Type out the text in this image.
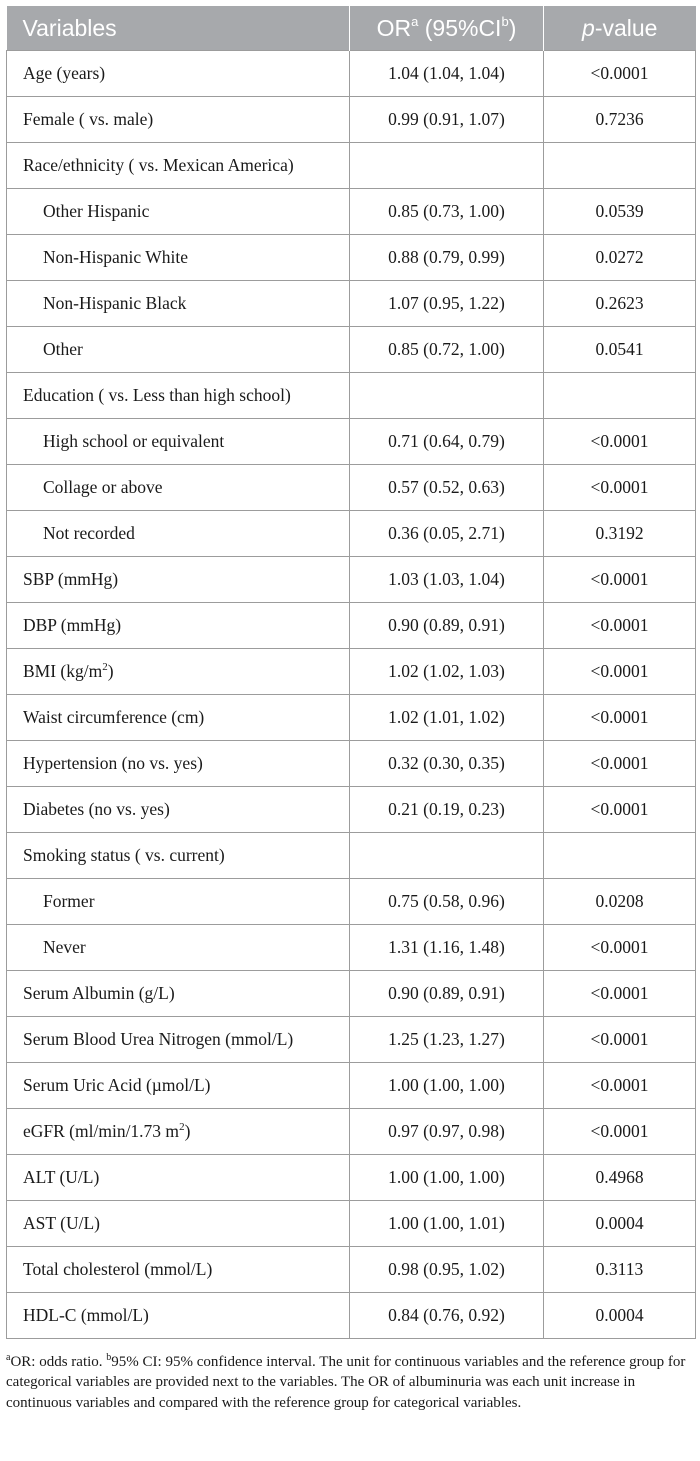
Variables	$OR^a$ $(95\%CI^b)$	p-value
Age (years)	1.04 (1.04, 1.04)	<0.0001
Female ( vs. male)	0.99 (0.91, 1.07)	0.7236
Race/ethnicity ( vs. Mexican America)		
Other Hispanic	0.85 (0.73, 1.00)	0.0539
Non-Hispanic White	0.88 (0.79, 0.99)	0.0272
Non-Hispanic Black	1.07 (0.95, 1.22)	0.2623
Other	0.85 (0.72, 1.00)	0.0541
Education ( vs. Less than high school)		
High school or equivalent	0.71 (0.64, 0.79)	<0.0001
Collage or above	0.57 (0.52, 0.63)	<0.0001
Not recorded	0.36 (0.05, 2.71)	0.3192
SBP (mmHg)	1.03 (1.03, 1.04)	<0.0001
DBP (mmHg)	0.90 (0.89, 0.91)	<0.0001
BMI $(kg/m^2)$	1.02 (1.02, 1.03)	<0.0001
Waist circumference (cm)	1.02 (1.01, 1.02)	<0.0001
Hypertension (no vs. yes)	0.32 (0.30, 0.35)	<0.0001
Diabetes (no vs. yes)	0.21 (0.19, 0.23)	<0.0001
Smoking status ( vs. current)		
Former	0.75 (0.58, 0.96)	0.0208
Never	1.31 (1.16, 1.48)	<0.0001
Serum Albumin (g/L)	0.90 (0.89, 0.91)	<0.0001
Serum Blood Urea Nitrogen (mmol/L)	1.25 (1.23, 1.27)	<0.0001
Serum Uric Acid (µmol/L)	1.00 (1.00, 1.00)	<0.0001
eGFR (ml/min/1.73 $m^2$)	0.97 (0.97, 0.98)	<0.0001
ALT (U/L)	1.00 (1.00, 1.00)	0.4968
AST (U/L)	1.00 (1.00, 1.01)	0.0004
Total cholesterol (mmol/L)	0.98 (0.95, 1.02)	0.3113
HDL-C (mmol/L)	0.84 (0.76, 0.92)	0.0004
$^a$OR: odds ratio. $^b$95% CI: 95% confidence interval. The unit for continuous variables and the reference group for categorical variables are provided next to the variables. The OR of albuminuria was each unit increase in continuous variables and compared with the reference group for categorical variables.
